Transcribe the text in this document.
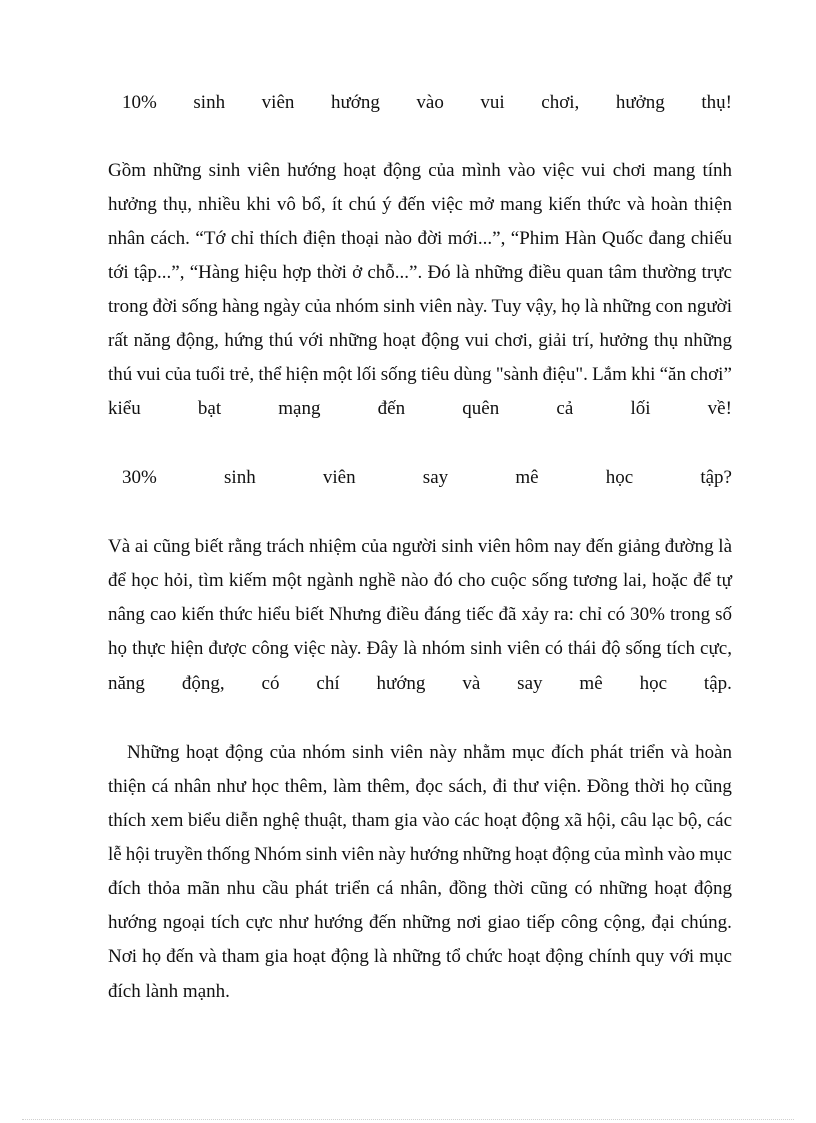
10% sinh viên hướng vào vui chơi, hưởng thụ!
Gồm những sinh viên hướng hoạt động của mình vào việc vui chơi mang tính
hưởng thụ, nhiều khi vô bổ, ít chú ý đến việc mở mang kiến thức và hoàn thiện
nhân cách. “Tớ chỉ thích điện thoại nào đời mới...”, “Phim Hàn Quốc đang chiếu
tới tập...”, “Hàng hiệu hợp thời ở chỗ...”. Đó là những điều quan tâm thường trực
trong đời sống hàng ngày của nhóm sinh viên này. Tuy vậy, họ là những con người
rất năng động, hứng thú với những hoạt động vui chơi, giải trí, hưởng thụ những
thú vui của tuổi trẻ, thể hiện một lối sống tiêu dùng "sành điệu". Lắm khi “ăn chơi”
kiểu	bạt	mạng	đến	quên	cả	lối	về!
30%	sinh	viên	say	mê	học	tập?
Và ai cũng biết rằng trách nhiệm của người sinh viên hôm nay đến giảng đường là
để học hỏi, tìm kiếm một ngành nghề nào đó cho cuộc sống tương lai, hoặc để tự
nâng cao kiến thức hiểu biết Nhưng điều đáng tiếc đã xảy ra: chỉ có 30% trong số
họ thực hiện được công việc này. Đây là nhóm sinh viên có thái độ sống tích cực,
năng động, có chí hướng và say mê học tập.
Những hoạt động của nhóm sinh viên này nhằm mục đích phát triển và hoàn
thiện cá nhân như học thêm, làm thêm, đọc sách, đi thư viện. Đồng thời họ cũng
thích xem biểu diễn nghệ thuật, tham gia vào các hoạt động xã hội, câu lạc bộ, các
lễ hội truyền thống Nhóm sinh viên này hướng những hoạt động của mình vào mục
đích thỏa mãn nhu cầu phát triển cá nhân, đồng thời cũng có những hoạt động
hướng ngoại tích cực như hướng đến những nơi giao tiếp công cộng, đại chúng.
Nơi họ đến và tham gia hoạt động là những tổ chức hoạt động chính quy với mục
đích lành mạnh.
